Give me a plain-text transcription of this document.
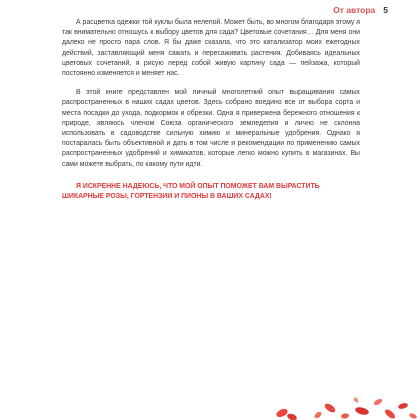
От автора 5

А расцветка одежки той куклы была нелепой. Может быть, во многом благодаря этому я так внимательно отношусь к выбору цветов для сада? Цветовые сочетания… Для меня они далеко не просто пара слов. Я бы даже сказала, что это катализатор моих ежегодных действий, заставляющий меня сажать и пересаживать растения. Добиваясь идеальных цветовых сочетаний, я рисую перед собой живую картину сада — пейзажа, который постоянно изменяется и меняет нас.

В этой книге представлен мой личный многолетний опыт выращивания самых распространенных в наших садах цветов. Здесь собрано воедино все от выбора сорта и места посадки до ухода, подкормок и обрезки. Одна я привержена бережного отношения к природе, являюсь членом Союза органического земледелия и лично не склонна использовать в садоводстве сильную химию и минеральные удобрения. Однако я постаралась быть объективной и дать в том числе и рекомендации по применению самых распространенных удобрений и химикатов, которые легко можно купить в магазинах. Вы сами можете выбрать, по какому пути идти.

Я ИСКРЕННЕ НАДЕЮСЬ, ЧТО МОЙ ОПЫТ ПОМОЖЕТ ВАМ ВЫРАСТИТЬ ШИКАРНЫЕ РОЗЫ, ГОРТЕНЗИИ И ПИОНЫ В ВАШИХ САДАХ!
